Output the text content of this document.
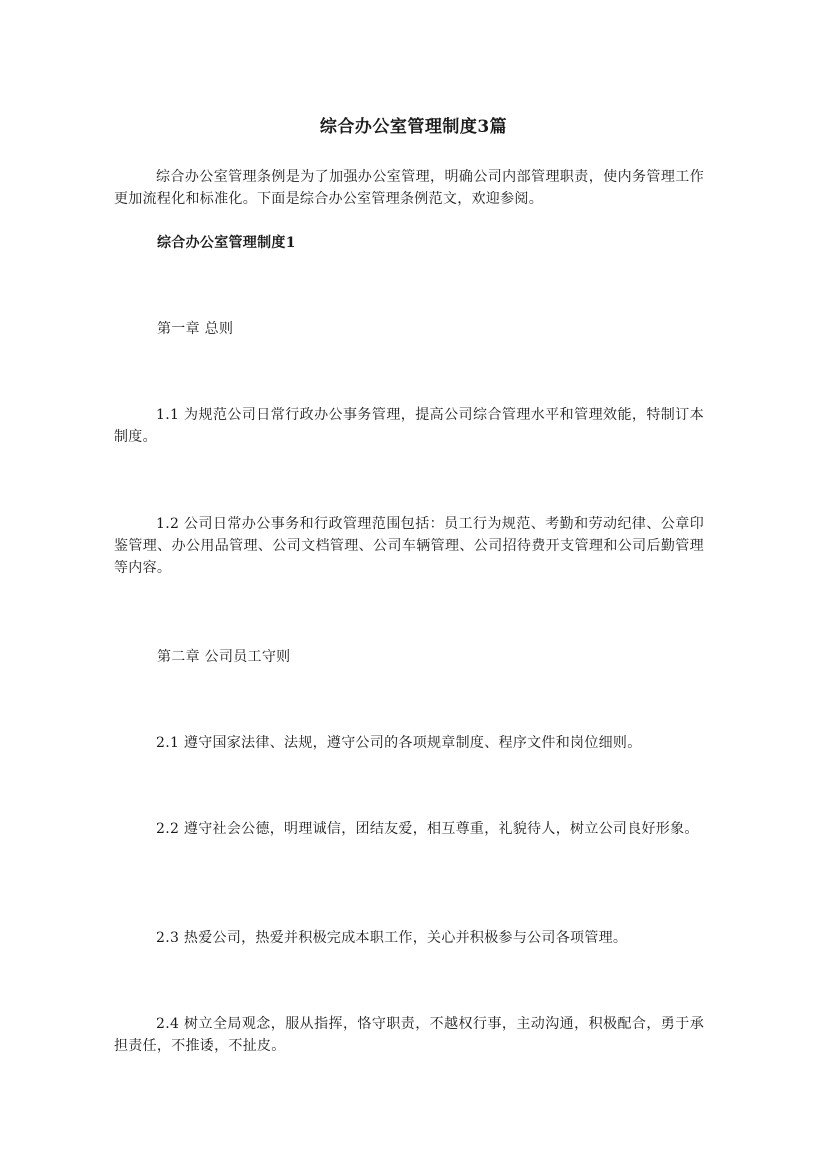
综合办公室管理制度3篇
综合办公室管理条例是为了加强办公室管理，明确公司内部管理职责，使内务管理工作更加流程化和标准化。下面是综合办公室管理条例范文，欢迎参阅。
综合办公室管理制度1
第一章 总则
1.1 为规范公司日常行政办公事务管理，提高公司综合管理水平和管理效能，特制订本制度。
1.2 公司日常办公事务和行政管理范围包括：员工行为规范、考勤和劳动纪律、公章印鉴管理、办公用品管理、公司文档管理、公司车辆管理、公司招待费开支管理和公司后勤管理等内容。
第二章 公司员工守则
2.1 遵守国家法律、法规，遵守公司的各项规章制度、程序文件和岗位细则。
2.2 遵守社会公德，明理诚信，团结友爱，相互尊重，礼貌待人，树立公司良好形象。
2.3 热爱公司，热爱并积极完成本职工作，关心并积极参与公司各项管理。
2.4 树立全局观念，服从指挥，恪守职责，不越权行事，主动沟通，积极配合，勇于承担责任，不推诿，不扯皮。
